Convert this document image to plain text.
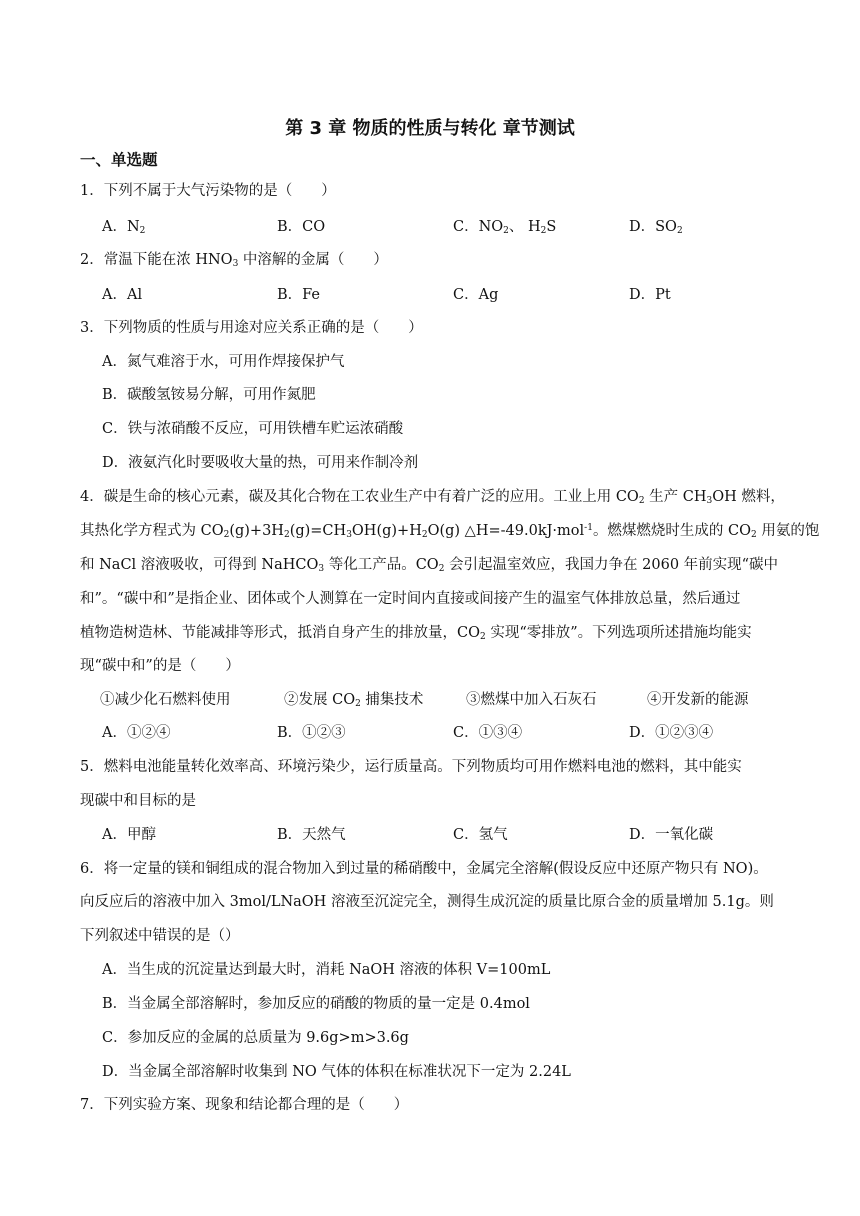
第 3 章 物质的性质与转化 章节测试
一、单选题
1．下列不属于大气污染物的是（　　）
A．$N_2$	B．CO	C．$NO_2$、 $H_2S$	D．$SO_2$
2．常温下能在浓 $HNO_3$ 中溶解的金属（　　）
A．Al	B．Fe	C．Ag	D．Pt
3．下列物质的性质与用途对应关系正确的是（　　）
A．氮气难溶于水，可用作焊接保护气
B．碳酸氢铵易分解，可用作氮肥
C．铁与浓硝酸不反应，可用铁槽车贮运浓硝酸
D．液氨汽化时要吸收大量的热，可用来作制冷剂
4．碳是生命的核心元素，碳及其化合物在工农业生产中有着广泛的应用。工业上用 $CO_2$ 生产 $CH_3OH$ 燃料，
其热化学方程式为 $CO_2(g)+3H_2(g)=CH_3OH(g)+H_2O(g)$ △H=-49.0kJ·mol$^{-1}$。燃煤燃烧时生成的 $CO_2$ 用氨的饱
和 NaCl 溶液吸收，可得到 NaHCO$_3$ 等化工产品。$CO_2$ 会引起温室效应，我国力争在 2060 年前实现“碳中
和”。“碳中和”是指企业、团体或个人测算在一定时间内直接或间接产生的温室气体排放总量，然后通过
植物造树造林、节能减排等形式，抵消自身产生的排放量，$CO_2$ 实现“零排放”。下列选项所述措施均能实
现“碳中和”的是（　　）
①减少化石燃料使用	②发展 $CO_2$ 捕集技术	③燃煤中加入石灰石	④开发新的能源
A．①②④	B．①②③	C．①③④	D．①②③④
5．燃料电池能量转化效率高、环境污染少，运行质量高。下列物质均可用作燃料电池的燃料，其中能实
现碳中和目标的是
A．甲醇	B．天然气	C．氢气	D．一氧化碳
6．将一定量的镁和铜组成的混合物加入到过量的稀硝酸中，金属完全溶解(假设反应中还原产物只有 NO)。
向反应后的溶液中加入 3mol/LNaOH 溶液至沉淀完全，测得生成沉淀的质量比原合金的质量增加 5.1g。则
下列叙述中错误的是（）
A．当生成的沉淀量达到最大时，消耗 NaOH 溶液的体积 V=100mL
B．当金属全部溶解时，参加反应的硝酸的物质的量一定是 0.4mol
C．参加反应的金属的总质量为 9.6g>m>3.6g
D．当金属全部溶解时收集到 NO 气体的体积在标准状况下一定为 2.24L
7．下列实验方案、现象和结论都合理的是（　　）
